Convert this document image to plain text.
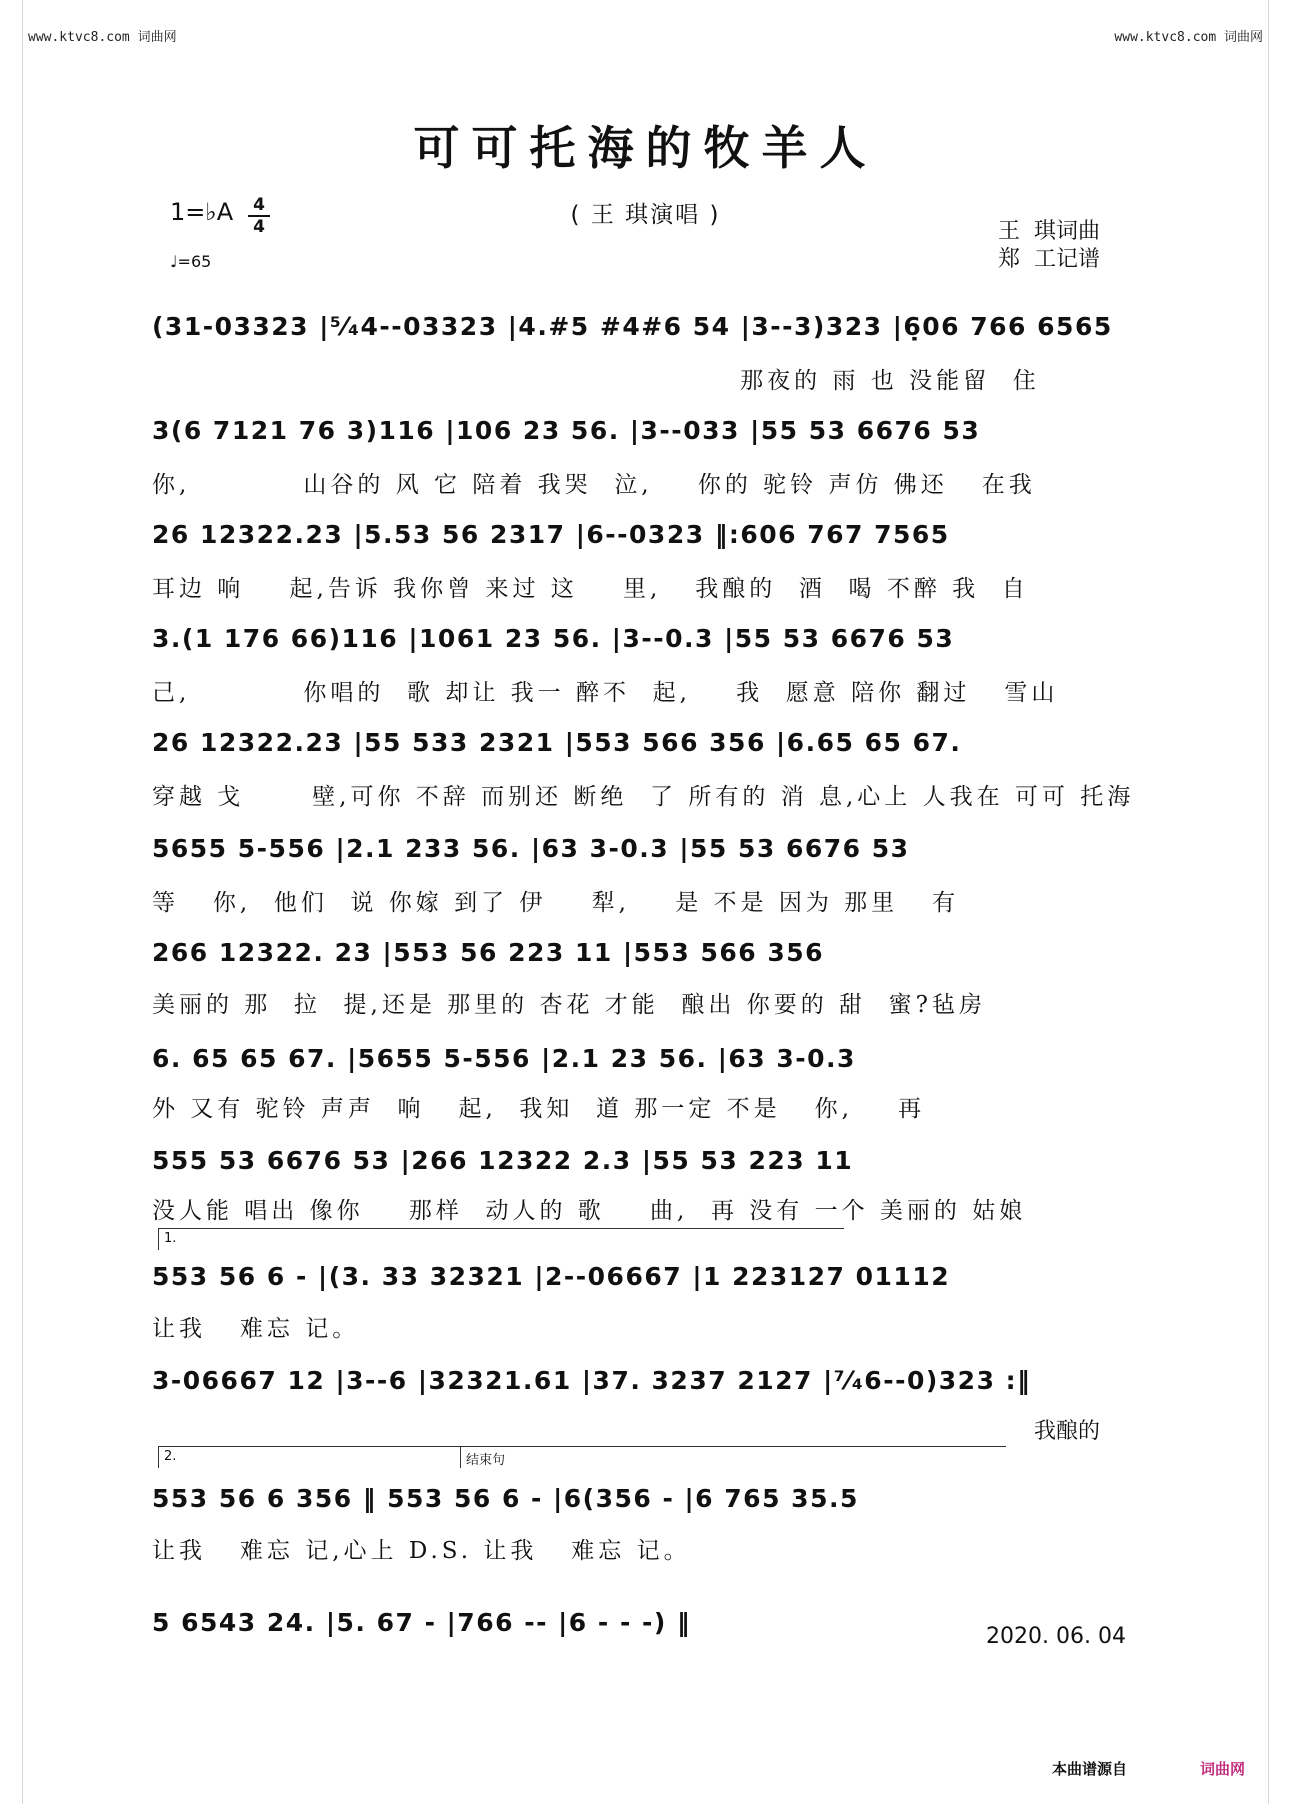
www.ktvc8.com 词曲网	www.ktvc8.com 词曲网
可可托海的牧羊人
( 王 琪演唱 )
1=♭A 4
4
♩=65
王  琪词曲
郑  工记谱
(31-03323 |⁵⁄₄4--03323 |4.#5 #4#6 54 |3--3)323 |6̣06 766 6565
那夜的 雨 也 没能留  住
3(6 7121 76 3)116 |106 23 56. |3--033 |55 53 6676 53
你,          山谷的 风 它 陪着 我哭  泣,    你的 驼铃 声仿 佛还   在我
26 12322.23 |5.53 56 2317 |6--0323 ‖:606 767 7565
耳边 响    起,告诉 我你曾 来过 这    里,   我酿的  酒  喝 不醉 我  自
3.(1 176 66)116 |1061 23 56. |3--0.3 |55 53 6676 53
己,          你唱的  歌 却让 我一 醉不  起,    我  愿意 陪你 翻过   雪山
26 12322.23 |55 533 2321 |553 566 356 |6.65 65 67.
穿越 戈      壁,可你 不辞 而别还 断绝  了 所有的 消 息,心上 人我在 可可 托海
5655 5-556 |2.1 233 56. |63 3-0.3 |55 53 6676 53
等   你,  他们  说 你嫁 到了 伊    犁,    是 不是 因为 那里   有
266 12322. 23 |553 56 223 11 |553 566 356
美丽的 那  拉  提,还是 那里的 杏花 才能  酿出 你要的 甜  蜜?毡房
6. 65 65 67. |5655 5-556 |2.1 23 56. |63 3-0.3
外 又有 驼铃 声声  响   起,  我知  道 那一定 不是   你,    再
555 53 6676 53 |266 12322 2.3 |55 53 223 11
没人能 唱出 像你    那样  动人的 歌    曲,  再 没有 一个 美丽的 姑娘
1.
553 56 6 - |(3. 33 32321 |2--06667 |1 223127 01112
让我   难忘 记。
3-06667 12 |3--6 |32321.61 |37. 3237 2127 |⁷⁄₄6--0)323 :‖
我酿的
2.	结束句
553 56 6 356 ‖ 553 56 6 - |6(356 - |6 765 35.5
让我   难忘 记,心上 D.S. 让我   难忘 记。
5 6543 24. |5. 67 - |766 -- |6 - - -) ‖	2020. 06. 04
本曲谱源自	词曲网
